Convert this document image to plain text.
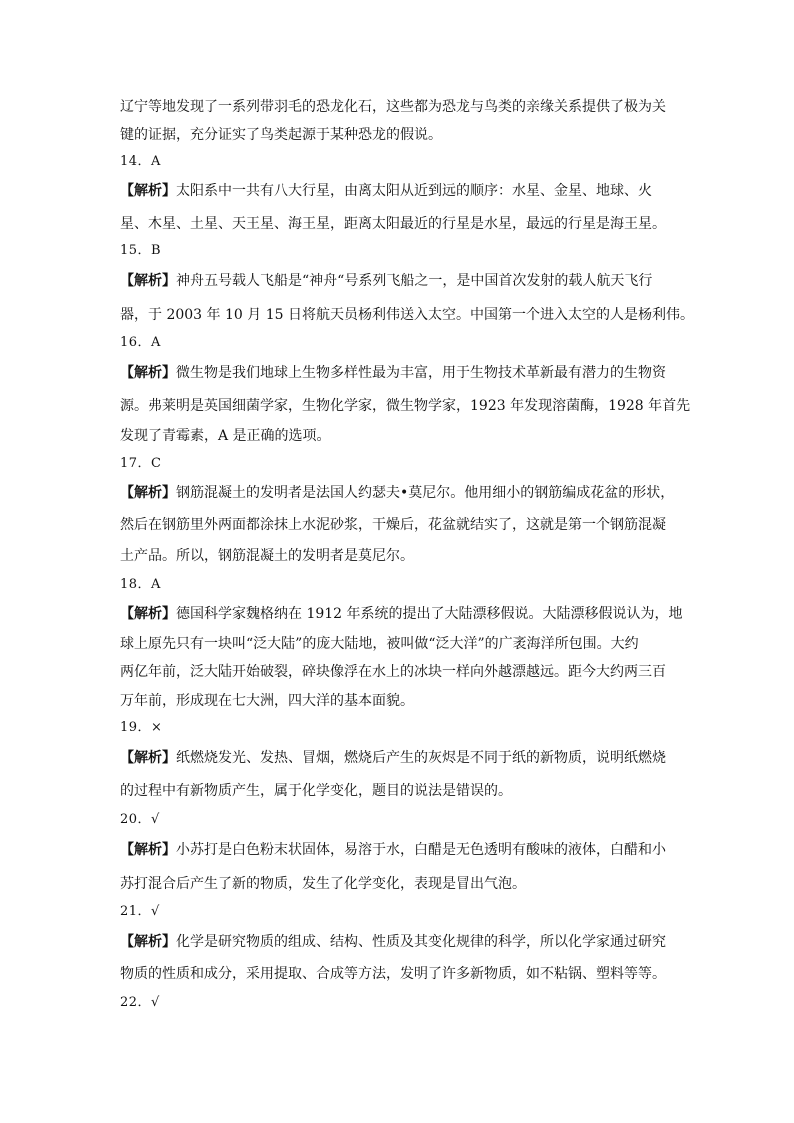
辽宁等地发现了一系列带羽毛的恐龙化石，这些都为恐龙与鸟类的亲缘关系提供了极为关
键的证据，充分证实了鸟类起源于某种恐龙的假说。
14．A
【 解析 】 太阳系中一共有八大行星，由离太阳从近到远的顺序：水星、金星、地球、火
星、木星、土星、天王星、海王星，距离太阳最近的行星是水星，最远的行星是海王星。
15．B
【 解析 】 神舟五号载人飞船是“神舟“号系列飞船之一，是中国首次发射的载人航天飞行
器，于 2003 年 10 月 15 日将航天员杨利伟送入太空。中国第一个进入太空的人是杨利伟。
16．A
【 解析 】 微生物是我们地球上生物多样性最为丰富，用于生物技术革新最有潜力的生物资
源。弗莱明是英国细菌学家，生物化学家，微生物学家，1923 年发现溶菌酶，1928 年首先
发现了青霉素，A 是正确的选项。
17．C
【 解析 】 钢筋混凝土的发明者是法国人约瑟夫•莫尼尔。他用细小的钢筋编成花盆的形状，
然后在钢筋里外两面都涂抹上水泥砂浆，干燥后，花盆就结实了，这就是第一个钢筋混凝
土产品。所以，钢筋混凝土的发明者是莫尼尔。
18．A
【 解析 】 德国科学家魏格纳在 1912 年系统的提出了大陆漂移假说。大陆漂移假说认为，地
球上原先只有一块叫“泛大陆”的庞大陆地，被叫做“泛大洋”的广袤海洋所包围。大约
两亿年前，泛大陆开始破裂，碎块像浮在水上的冰块一样向外越漂越远。距今大约两三百
万年前，形成现在七大洲，四大洋的基本面貌。
19．×
【 解析 】 纸燃烧发光、发热、冒烟，燃烧后产生的灰烬是不同于纸的新物质，说明纸燃烧
的过程中有新物质产生，属于化学变化，题目的说法是错误的。
20．√
【 解析 】 小苏打是白色粉末状固体，易溶于水，白醋是无色透明有酸味的液体，白醋和小
苏打混合后产生了新的物质，发生了化学变化，表现是冒出气泡。
21．√
【 解析 】 化学是研究物质的组成、结构、性质及其变化规律的科学，所以化学家通过研究
物质的性质和成分，采用提取、合成等方法，发明了许多新物质，如不粘锅、塑料等等。
22．√
